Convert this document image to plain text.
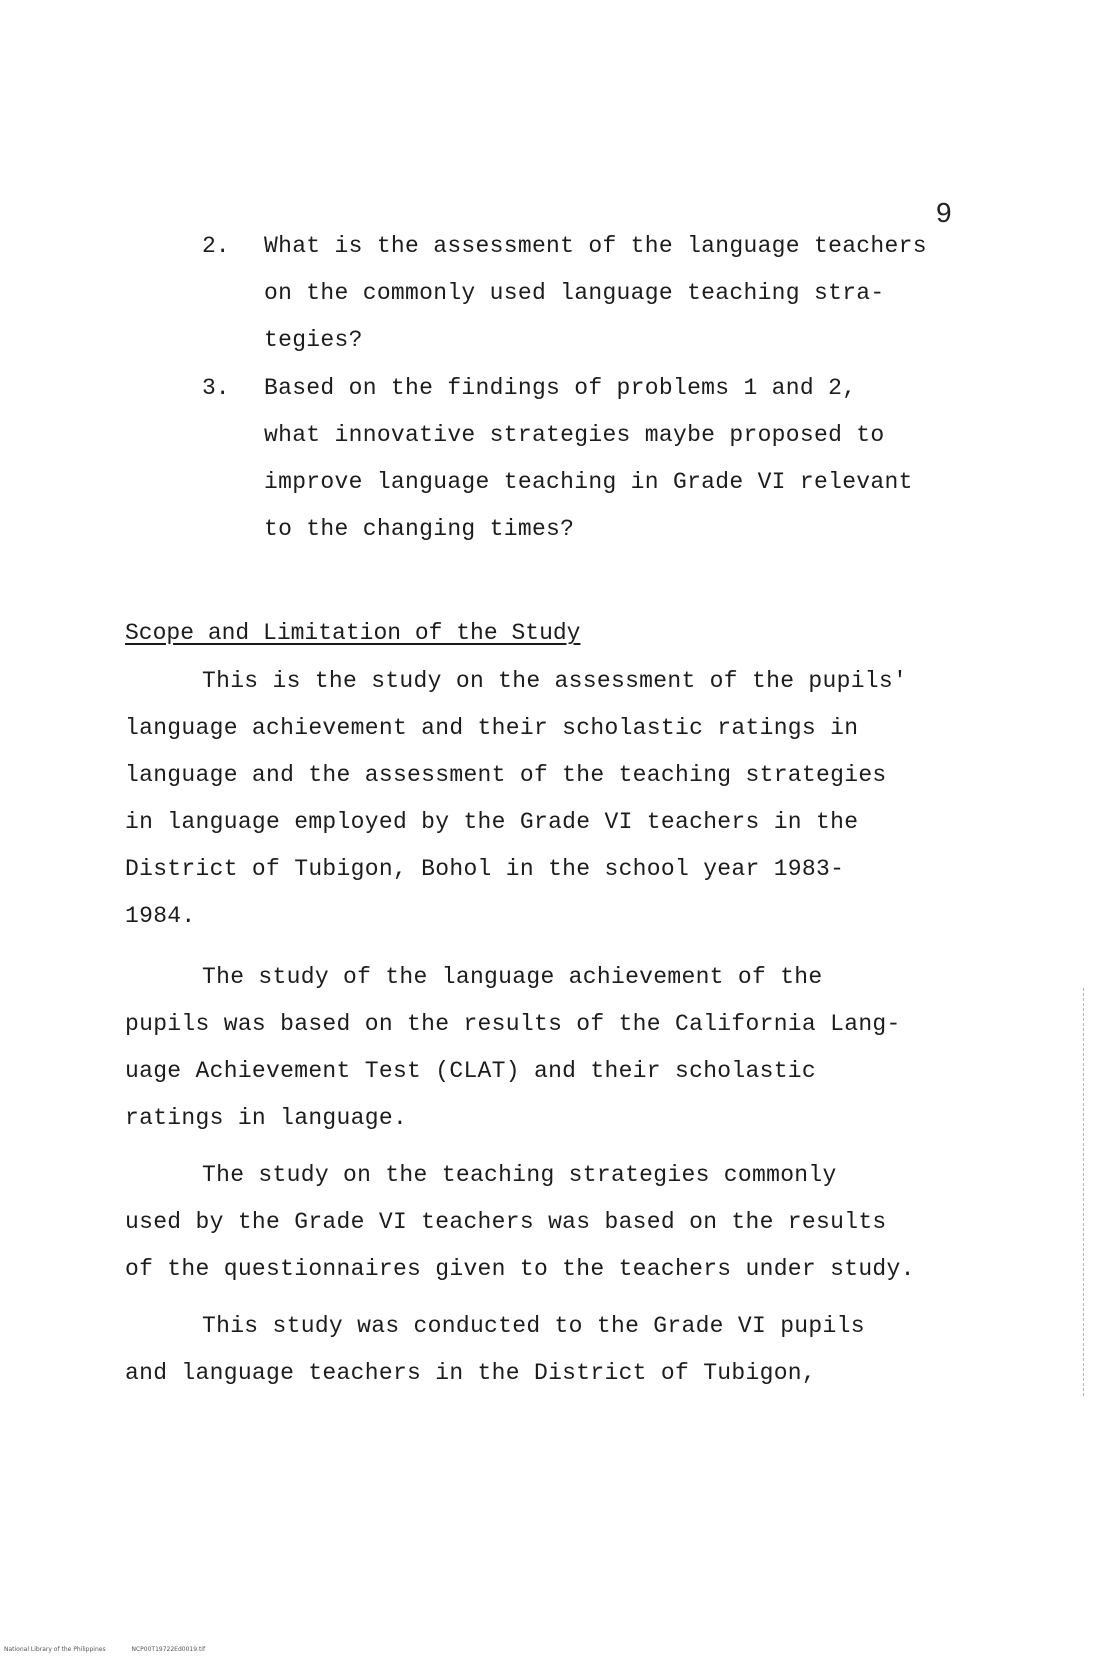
9
2. What is the assessment of the language teachers
on the commonly used language teaching stra-
tegies?
3. Based on the findings of problems 1 and 2,
what innovative strategies maybe proposed to
improve language teaching in Grade VI relevant
to the changing times?
Scope and Limitation of the Study
This is the study on the assessment of the pupils'
language achievement and their scholastic ratings in
language and the assessment of the teaching strategies
in language employed by the Grade VI teachers in the
District of Tubigon, Bohol in the school year 1983-
1984.
The study of the language achievement of the
pupils was based on the results of the California Lang-
uage Achievement Test (CLAT) and their scholastic
ratings in language.
The study on the teaching strategies commonly
used by the Grade VI teachers was based on the results
of the questionnaires given to the teachers under study.
This study was conducted to the Grade VI pupils
and language teachers in the District of Tubigon,
National Library of the Philippines	NCP00T19722Ed0019.tif
